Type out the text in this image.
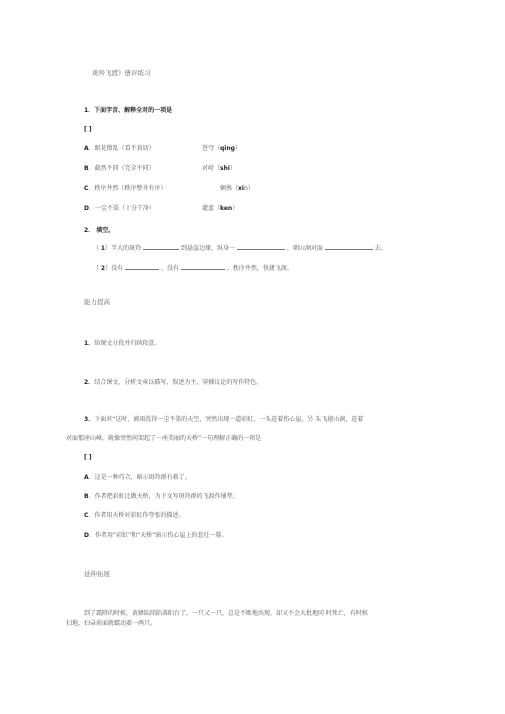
斑羚飞渡》册评练习
1．下面字音、解释全对的一项是
[ ]
A．眼花缭乱（看不真切）	苍穹（qing）
B．截然不同（完全不同）	对峙（shi）
C．秩序井然（秩序整齐有序）	娴熟（xin）
D．一尘不染（十分干净）	灌蓝（ken）
2． 填空。
（ 1）半大的斑羚	到悬崖边缘，纵身一	，朝山涧对面	去。
（ 2）没有	，没有	，秩序井然，快捷飞渡。
能力提高
1．给课文分段并归纳段意。
2．结合课文，分析文章以描写，叙述为主，穿插议论的写作特色。
3．下面对“这时，被雨洗得一尘不染的天空，突然出现一道彩虹，一头连着伤心崖，另 头飞越山涧，连着
对面那座山峰，就像突然间架起了一座美丽的天桥”一句理解正确的一项是
[ ]
A．这是一种巧合，暗示斑羚群有救了。
B．作者把彩虹比做天桥，为下文写斑羚群的飞渡作铺垫。
C．作者用天桥对彩虹作夸张的描述。
D．作者用“彩虹”和“天桥”暗示伤心崖上的悲壮一幕。
延伸拓展
到了霜降的时候，黄蜂陆续陷落阳台了，一只又一只，总是不断地出现，却又不会大批地同 时死亡，有时候
扫地，扫帚前面就蠕动着一两只。
